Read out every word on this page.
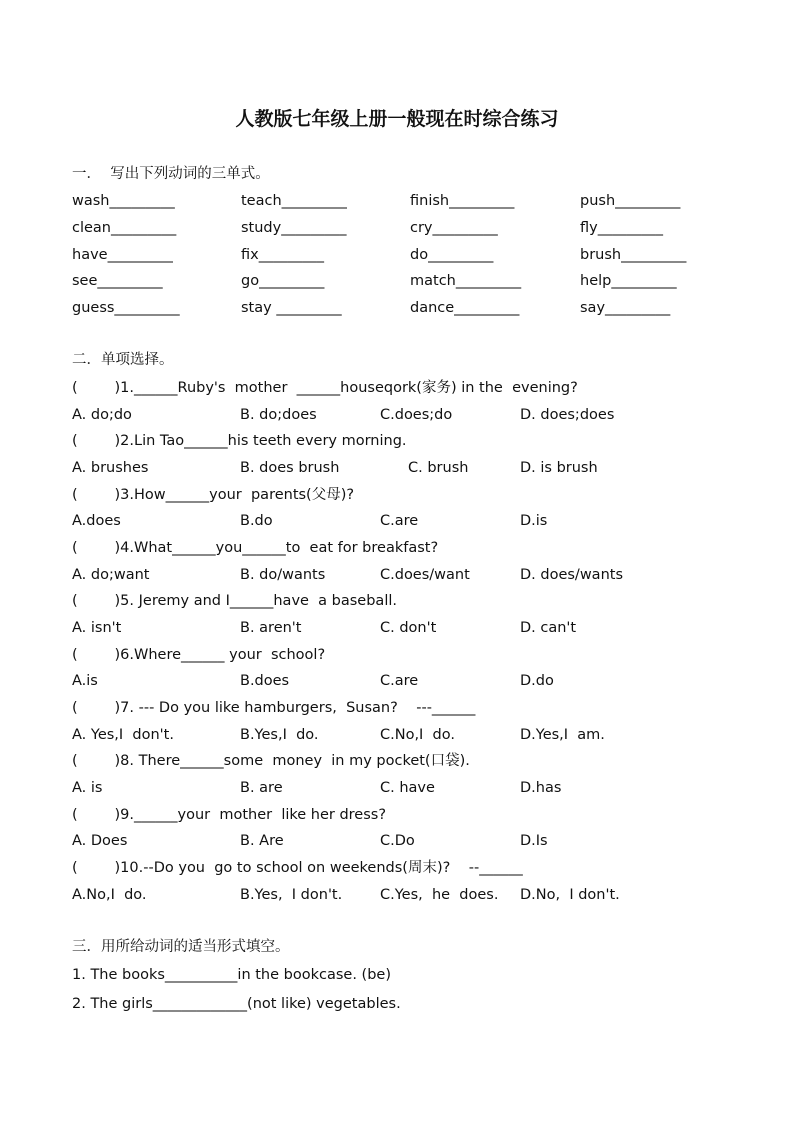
人教版七年级上册一般现在时综合练习
一．  写出下列动词的三单式。
wash_________	teach_________	finish_________	push_________
clean_________	study_________	cry_________	fly_________
have_________	fix_________	do_________	brush_________
see_________	go_________	match_________	help_________
guess_________	stay _________	dance_________	say_________
二．单项选择。
(        )1.______Ruby's  mother  ______houseqork(家务) in the  evening?
A. do;do	B. do;does	C.does;do	D. does;does
(        )2.Lin Tao______his teeth every morning.
A. brushes	B. does brush	C. brush	D. is brush
(        )3.How______your  parents(父母)?
A.does	B.do	C.are	D.is
(        )4.What______you______to  eat for breakfast?
A. do;want	B. do/wants	C.does/want	D. does/wants
(        )5. Jeremy and I______have  a baseball.
A. isn't	B. aren't	C. don't	D. can't
(        )6.Where______ your  school?
A.is	B.does	C.are	D.do
(        )7. --- Do you like hamburgers,  Susan?    ---______
A. Yes,I  don't.	B.Yes,I  do.	C.No,I  do.	D.Yes,I  am.
(        )8. There______some  money  in my pocket(口袋).
A. is	B. are	C. have	D.has
(        )9.______your  mother  like her dress?
A. Does	B. Are	C.Do	D.Is
(        )10.--Do you  go to school on weekends(周末)?    --______
A.No,I  do.	B.Yes,  I don't.	C.Yes,  he  does. D.No,  I don't.
三．用所给动词的适当形式填空。
1. The books__________in the bookcase. (be)
2. The girls_____________(not like) vegetables.
